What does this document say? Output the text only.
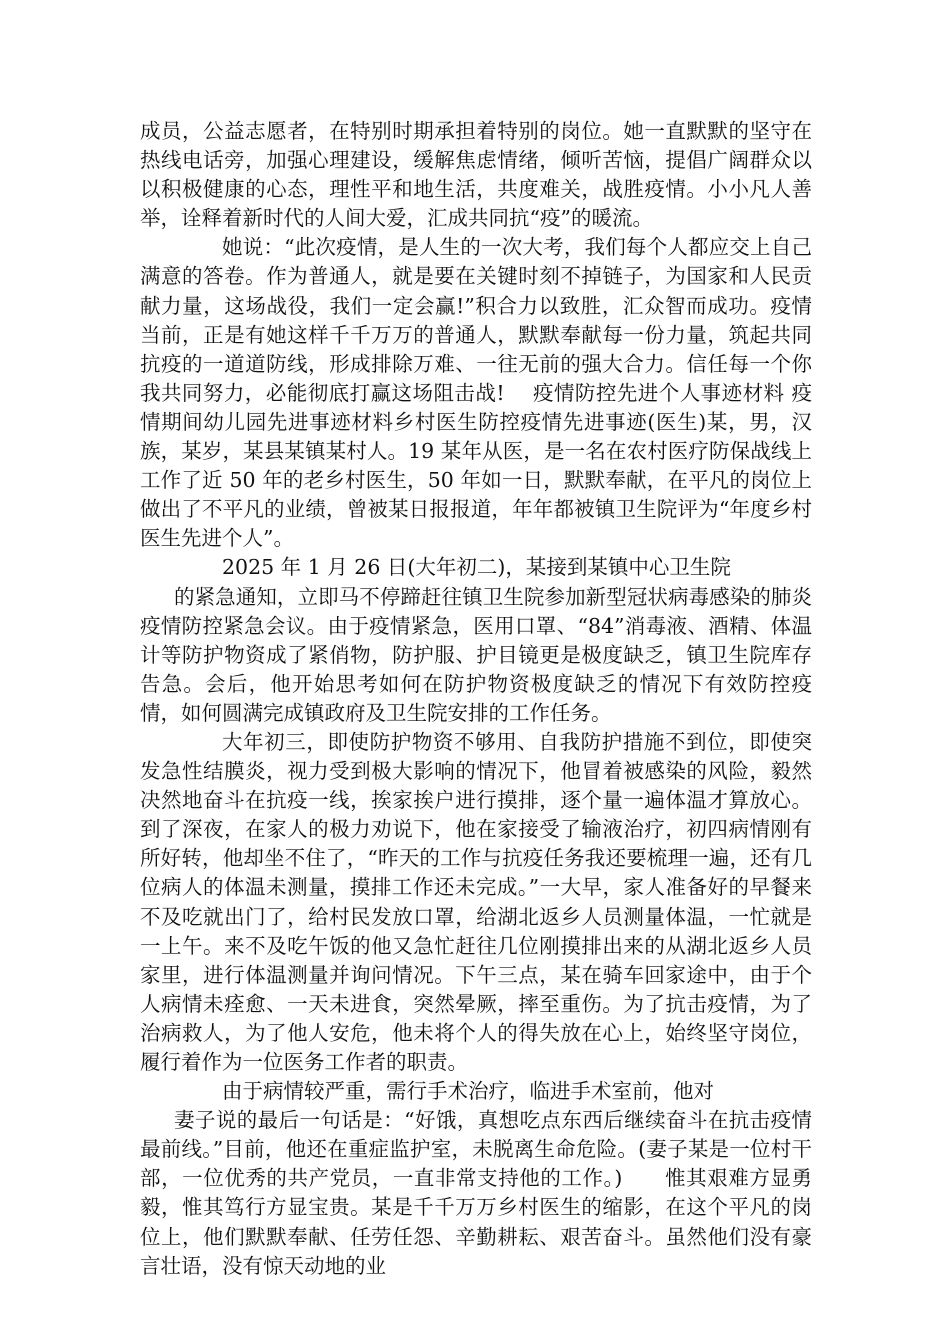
成员，公益志愿者，在特别时期承担着特别的岗位。她一直默默的坚守在热线电话旁，加强心理建设，缓解焦虑情绪，倾听苦恼，提倡广阔群众以以积极健康的心态，理性平和地生活，共度难关，战胜疫情。小小凡人善举，诠释着新时代的人间大爱，汇成共同抗“疫”的暖流。

她说：“此次疫情，是人生的一次大考，我们每个人都应交上自己满意的答卷。作为普通人，就是要在关键时刻不掉链子，为国家和人民贡献力量，这场战役，我们一定会赢!”积合力以致胜，汇众智而成功。疫情当前，正是有她这样千千万万的普通人，默默奉献每一份力量，筑起共同抗疫的一道道防线，形成排除万难、一往无前的强大合力。信任每一个你我共同努力，必能彻底打赢这场阻击战!　 疫情防控先进个人事迹材料 疫情期间幼儿园先进事迹材料乡村医生防控疫情先进事迹(医生)某，男，汉族，某岁，某县某镇某村人。19 某年从医，是一名在农村医疗防保战线上工作了近 50 年的老乡村医生，50 年如一日，默默奉献，在平凡的岗位上做出了不平凡的业绩，曾被某日报报道，年年都被镇卫生院评为“年度乡村医生先进个人”。

2025 年 1 月 26 日(大年初二)，某接到某镇中心卫生院

的紧急通知，立即马不停蹄赶往镇卫生院参加新型冠状病毒感染的肺炎疫情防控紧急会议。由于疫情紧急，医用口罩、“84”消毒液、酒精、体温计等防护物资成了紧俏物，防护服、护目镜更是极度缺乏，镇卫生院库存告急。会后，他开始思考如何在防护物资极度缺乏的情况下有效防控疫情，如何圆满完成镇政府及卫生院安排的工作任务。

大年初三，即使防护物资不够用、自我防护措施不到位，即使突发急性结膜炎，视力受到极大影响的情况下，他冒着被感染的风险，毅然决然地奋斗在抗疫一线，挨家挨户进行摸排，逐个量一遍体温才算放心。到了深夜，在家人的极力劝说下，他在家接受了输液治疗，初四病情刚有所好转，他却坐不住了，“昨天的工作与抗疫任务我还要梳理一遍，还有几位病人的体温未测量，摸排工作还未完成。”一大早，家人准备好的早餐来不及吃就出门了，给村民发放口罩，给湖北返乡人员测量体温，一忙就是一上午。来不及吃午饭的他又急忙赶往几位刚摸排出来的从湖北返乡人员家里，进行体温测量并询问情况。下午三点，某在骑车回家途中，由于个人病情未痊愈、一天未进食，突然晕厥，摔至重伤。为了抗击疫情，为了治病救人，为了他人安危，他未将个人的得失放在心上，始终坚守岗位，履行着作为一位医务工作者的职责。

由于病情较严重，需行手术治疗，临进手术室前，他对

妻子说的最后一句话是：“好饿，真想吃点东西后继续奋斗在抗击疫情最前线。”目前，他还在重症监护室，未脱离生命危险。(妻子某是一位村干部，一位优秀的共产党员，一直非常支持他的工作。)　　惟其艰难方显勇毅，惟其笃行方显宝贵。某是千千万万乡村医生的缩影，在这个平凡的岗位上，他们默默奉献、任劳任怨、辛勤耕耘、艰苦奋斗。虽然他们没有豪言壮语，没有惊天动地的业
